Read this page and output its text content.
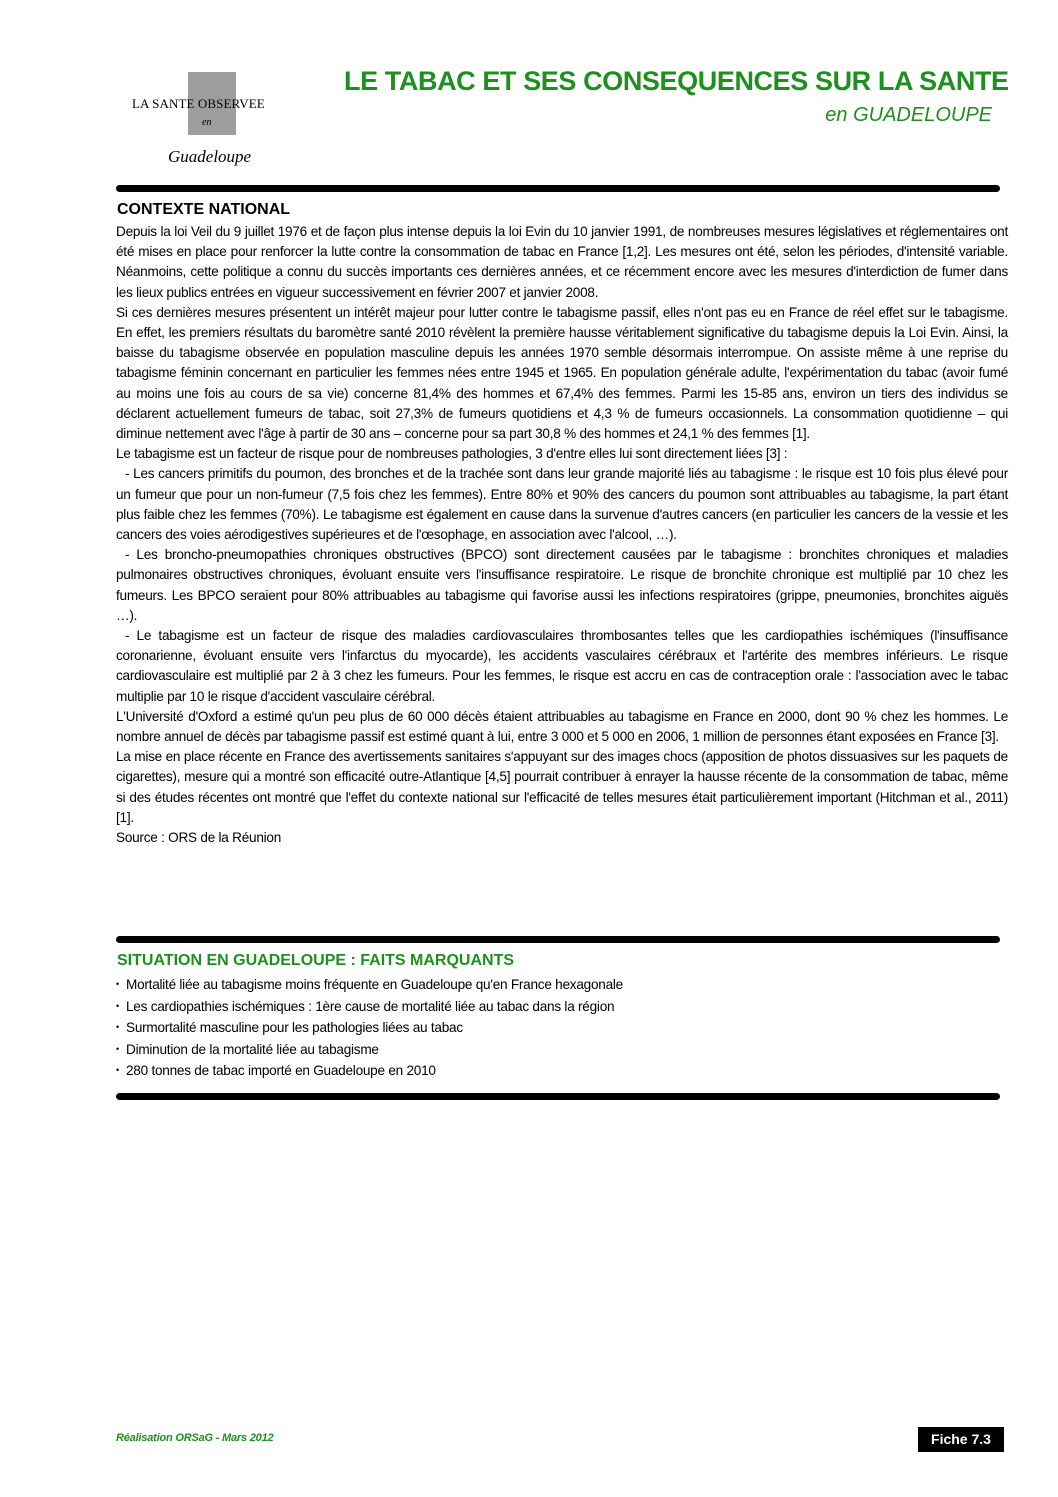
LA SANTE OBSERVEE
en
Guadeloupe
LE TABAC ET SES CONSEQUENCES SUR LA SANTE
en GUADELOUPE
CONTEXTE NATIONAL

Depuis la loi Veil du 9 juillet 1976 et de façon plus intense depuis la loi Evin du 10 janvier 1991, de nombreuses mesures législatives et réglementaires ont été mises en place pour renforcer la lutte contre la consommation de tabac en France [1,2]. Les mesures ont été, selon les périodes, d'intensité variable. Néanmoins, cette politique a connu du succès importants ces dernières années, et ce récemment encore avec les mesures d'interdiction de fumer dans les lieux publics entrées en vigueur successivement en février 2007 et janvier 2008.

Si ces dernières mesures présentent un intérêt majeur pour lutter contre le tabagisme passif, elles n'ont pas eu en France de réel effet sur le tabagisme. En effet, les premiers résultats du baromètre santé 2010 révèlent la première hausse véritablement significative du tabagisme depuis la Loi Evin. Ainsi, la baisse du tabagisme observée en population masculine depuis les années 1970 semble désormais interrompue. On assiste même à une reprise du tabagisme féminin concernant en particulier les femmes nées entre 1945 et 1965. En population générale adulte, l'expérimentation du tabac (avoir fumé au moins une fois au cours de sa vie) concerne 81,4% des hommes et 67,4% des femmes. Parmi les 15-85 ans, environ un tiers des individus se déclarent actuellement fumeurs de tabac, soit 27,3% de fumeurs quotidiens et 4,3 % de fumeurs occasionnels. La consommation quotidienne – qui diminue nettement avec l'âge à partir de 30 ans – concerne pour sa part 30,8 % des hommes et 24,1 % des femmes [1].

Le tabagisme est un facteur de risque pour de nombreuses pathologies, 3 d'entre elles lui sont directement liées [3] :

- Les cancers primitifs du poumon, des bronches et de la trachée sont dans leur grande majorité liés au tabagisme : le risque est 10 fois plus élevé pour un fumeur que pour un non-fumeur (7,5 fois chez les femmes). Entre 80% et 90% des cancers du poumon sont attribuables au tabagisme, la part étant plus faible chez les femmes (70%). Le tabagisme est également en cause dans la survenue d'autres cancers (en particulier les cancers de la vessie et les cancers des voies aérodigestives supérieures et de l'œsophage, en association avec l'alcool, …).

- Les broncho-pneumopathies chroniques obstructives (BPCO) sont directement causées par le tabagisme : bronchites chroniques et maladies pulmonaires obstructives chroniques, évoluant ensuite vers l'insuffisance respiratoire. Le risque de bronchite chronique est multiplié par 10 chez les fumeurs. Les BPCO seraient pour 80% attribuables au tabagisme qui favorise aussi les infections respiratoires (grippe, pneumonies, bronchites aiguës …).

- Le tabagisme est un facteur de risque des maladies cardiovasculaires thrombosantes telles que les cardiopathies ischémiques (l'insuffisance coronarienne, évoluant ensuite vers l'infarctus du myocarde), les accidents vasculaires cérébraux et l'artérite des membres inférieurs. Le risque cardiovasculaire est multiplié par 2 à 3 chez les fumeurs. Pour les femmes, le risque est accru en cas de contraception orale : l'association avec le tabac multiplie par 10 le risque d'accident vasculaire cérébral.

L'Université d'Oxford a estimé qu'un peu plus de 60 000 décès étaient attribuables au tabagisme en France en 2000, dont 90 % chez les hommes. Le nombre annuel de décès par tabagisme passif est estimé quant à lui, entre 3 000 et 5 000 en 2006, 1 million de personnes étant exposées en France [3].

La mise en place récente en France des avertissements sanitaires s'appuyant sur des images chocs (apposition de photos dissuasives sur les paquets de cigarettes), mesure qui a montré son efficacité outre-Atlantique [4,5] pourrait contribuer à enrayer la hausse récente de la consommation de tabac, même si des études récentes ont montré que l'effet du contexte national sur l'efficacité de telles mesures était particulièrement important (Hitchman et al., 2011) [1].

Source : ORS de la Réunion

SITUATION EN GUADELOUPE : FAITS MARQUANTS
• Mortalité liée au tabagisme moins fréquente en Guadeloupe qu'en France hexagonale
• Les cardiopathies ischémiques : 1ère cause de mortalité liée au tabac dans la région
• Surmortalité masculine pour les pathologies liées au tabac
• Diminution de la mortalité liée au tabagisme
• 280 tonnes de tabac importé en Guadeloupe en 2010
Réalisation ORSaG - Mars 2012	Fiche 7.3
